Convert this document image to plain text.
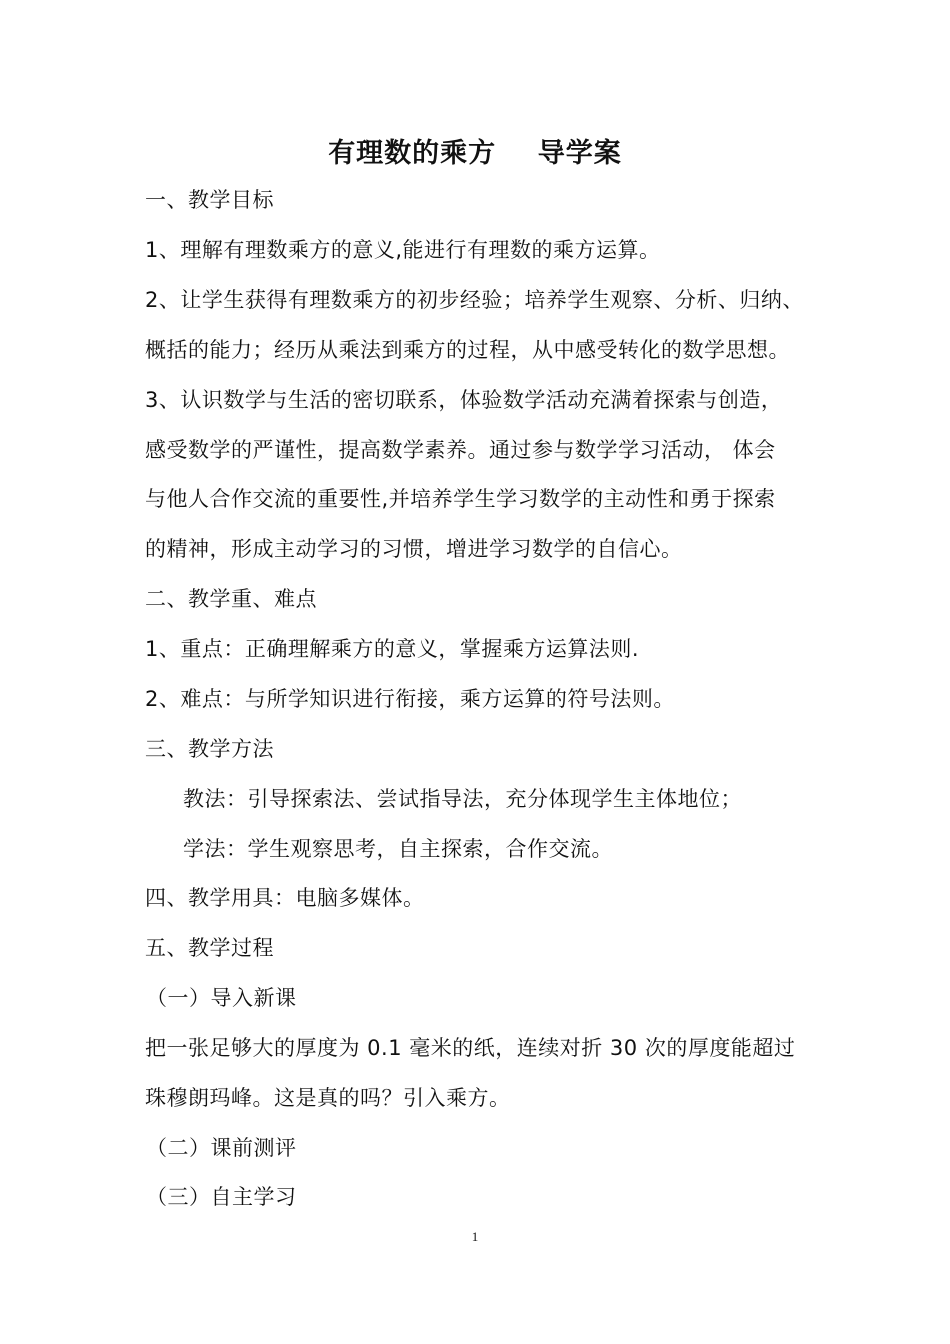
有理数的乘方    导学案
一、教学目标
1、理解有理数乘方的意义,能进行有理数的乘方运算。
2、让学生获得有理数乘方的初步经验；培养学生观察、分析、归纳、
概括的能力；经历从乘法到乘方的过程，从中感受转化的数学思想。
3、认识数学与生活的密切联系，体验数学活动充满着探索与创造，
感受数学的严谨性，提高数学素养。通过参与数学学习活动， 体会
与他人合作交流的重要性,并培养学生学习数学的主动性和勇于探索
的精神，形成主动学习的习惯，增进学习数学的自信心。
二、教学重、难点
1、重点：正确理解乘方的意义，掌握乘方运算法则.
2、难点：与所学知识进行衔接，乘方运算的符号法则。
三、教学方法
教法：引导探索法、尝试指导法，充分体现学生主体地位；
学法：学生观察思考，自主探索，合作交流。
四、教学用具：电脑多媒体。
五、教学过程
（一）导入新课
把一张足够大的厚度为 0.1 毫米的纸，连续对折 30 次的厚度能超过
珠穆朗玛峰。这是真的吗？引入乘方。
（二）课前测评
（三）自主学习
1
